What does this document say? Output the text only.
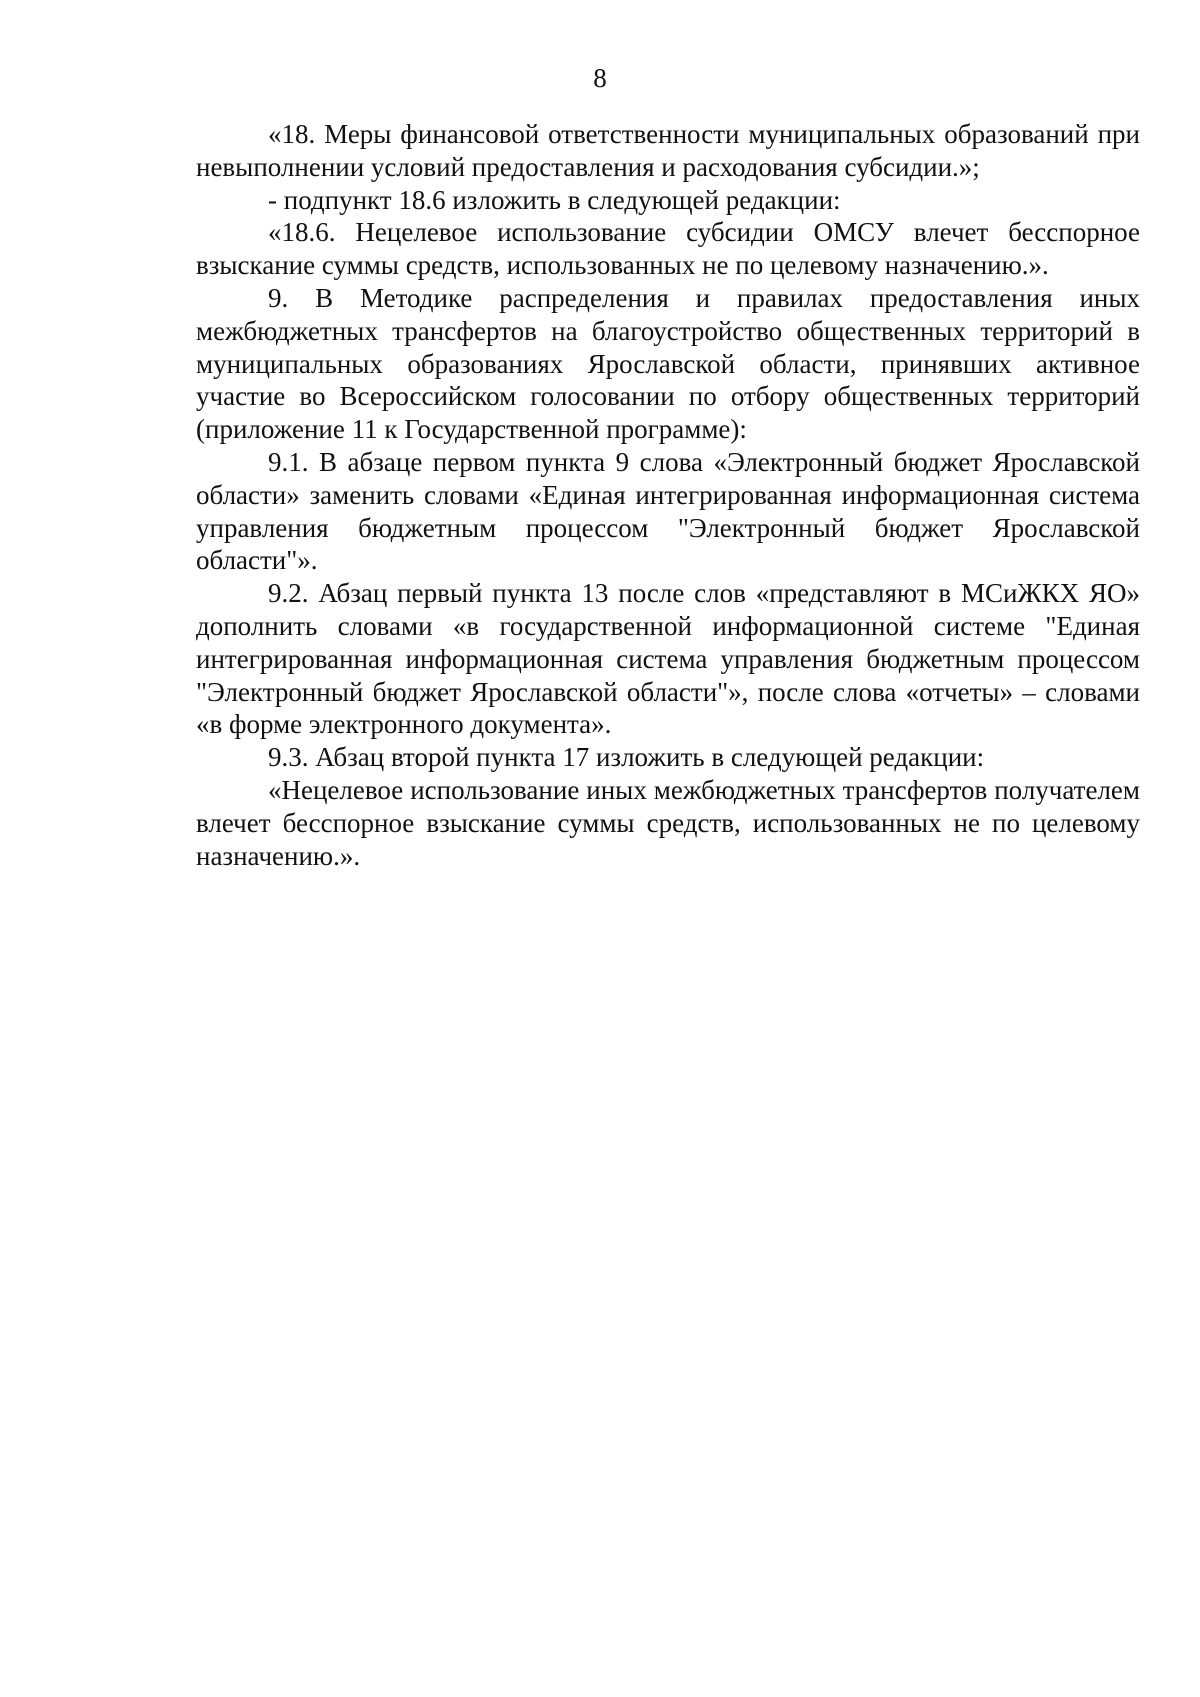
8

«18. Меры финансовой ответственности муниципальных образований при невыполнении условий предоставления и расходования субсидии.»;

- подпункт 18.6 изложить в следующей редакции:

«18.6. Нецелевое использование субсидии ОМСУ влечет бесспорное взыскание суммы средств, использованных не по целевому назначению.».

9. В Методике распределения и правилах предоставления иных межбюджетных трансфертов на благоустройство общественных территорий в муниципальных образованиях Ярославской области, принявших активное участие во Всероссийском голосовании по отбору общественных территорий (приложение 11 к Государственной программе):

9.1. В абзаце первом пункта 9 слова «Электронный бюджет Ярославской области» заменить словами «Единая интегрированная информационная система управления бюджетным процессом "Электронный бюджет Ярославской области"».

9.2. Абзац первый пункта 13 после слов «представляют в МСиЖКХ ЯО» дополнить словами «в государственной информационной системе "Единая интегрированная информационная система управления бюджетным процессом "Электронный бюджет Ярославской области"», после слова «отчеты» – словами «в форме электронного документа».

9.3. Абзац второй пункта 17 изложить в следующей редакции:

«Нецелевое использование иных межбюджетных трансфертов получателем влечет бесспорное взыскание суммы средств, использованных не по целевому назначению.».
